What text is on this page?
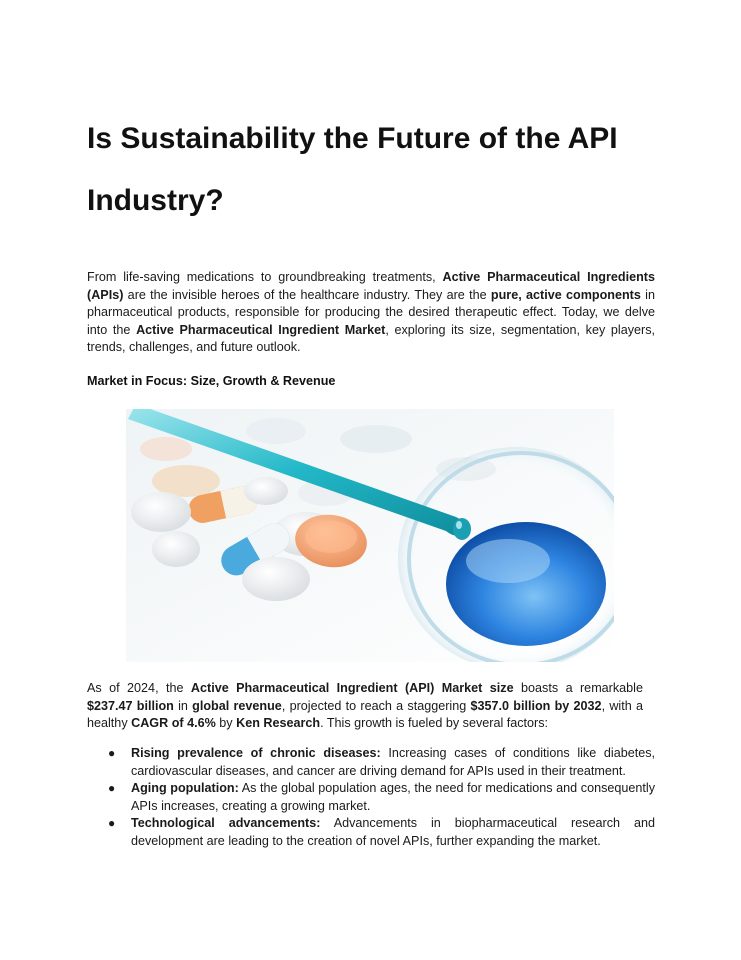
Is Sustainability the Future of the API Industry?

From life-saving medications to groundbreaking treatments, Active Pharmaceutical Ingredients (APIs) are the invisible heroes of the healthcare industry. They are the pure, active components in pharmaceutical products, responsible for producing the desired therapeutic effect. Today, we delve into the Active Pharmaceutical Ingredient Market, exploring its size, segmentation, key players, trends, challenges, and future outlook.

Market in Focus: Size, Growth & Revenue

As of 2024, the Active Pharmaceutical Ingredient (API) Market size boasts a remarkable $237.47 billion in global revenue, projected to reach a staggering $357.0 billion by 2032, with a healthy CAGR of 4.6% by Ken Research. This growth is fueled by several factors:

● Rising prevalence of chronic diseases: Increasing cases of conditions like diabetes, cardiovascular diseases, and cancer are driving demand for APIs used in their treatment.
● Aging population: As the global population ages, the need for medications and consequently APIs increases, creating a growing market.
● Technological advancements: Advancements in biopharmaceutical research and development are leading to the creation of novel APIs, further expanding the market.
